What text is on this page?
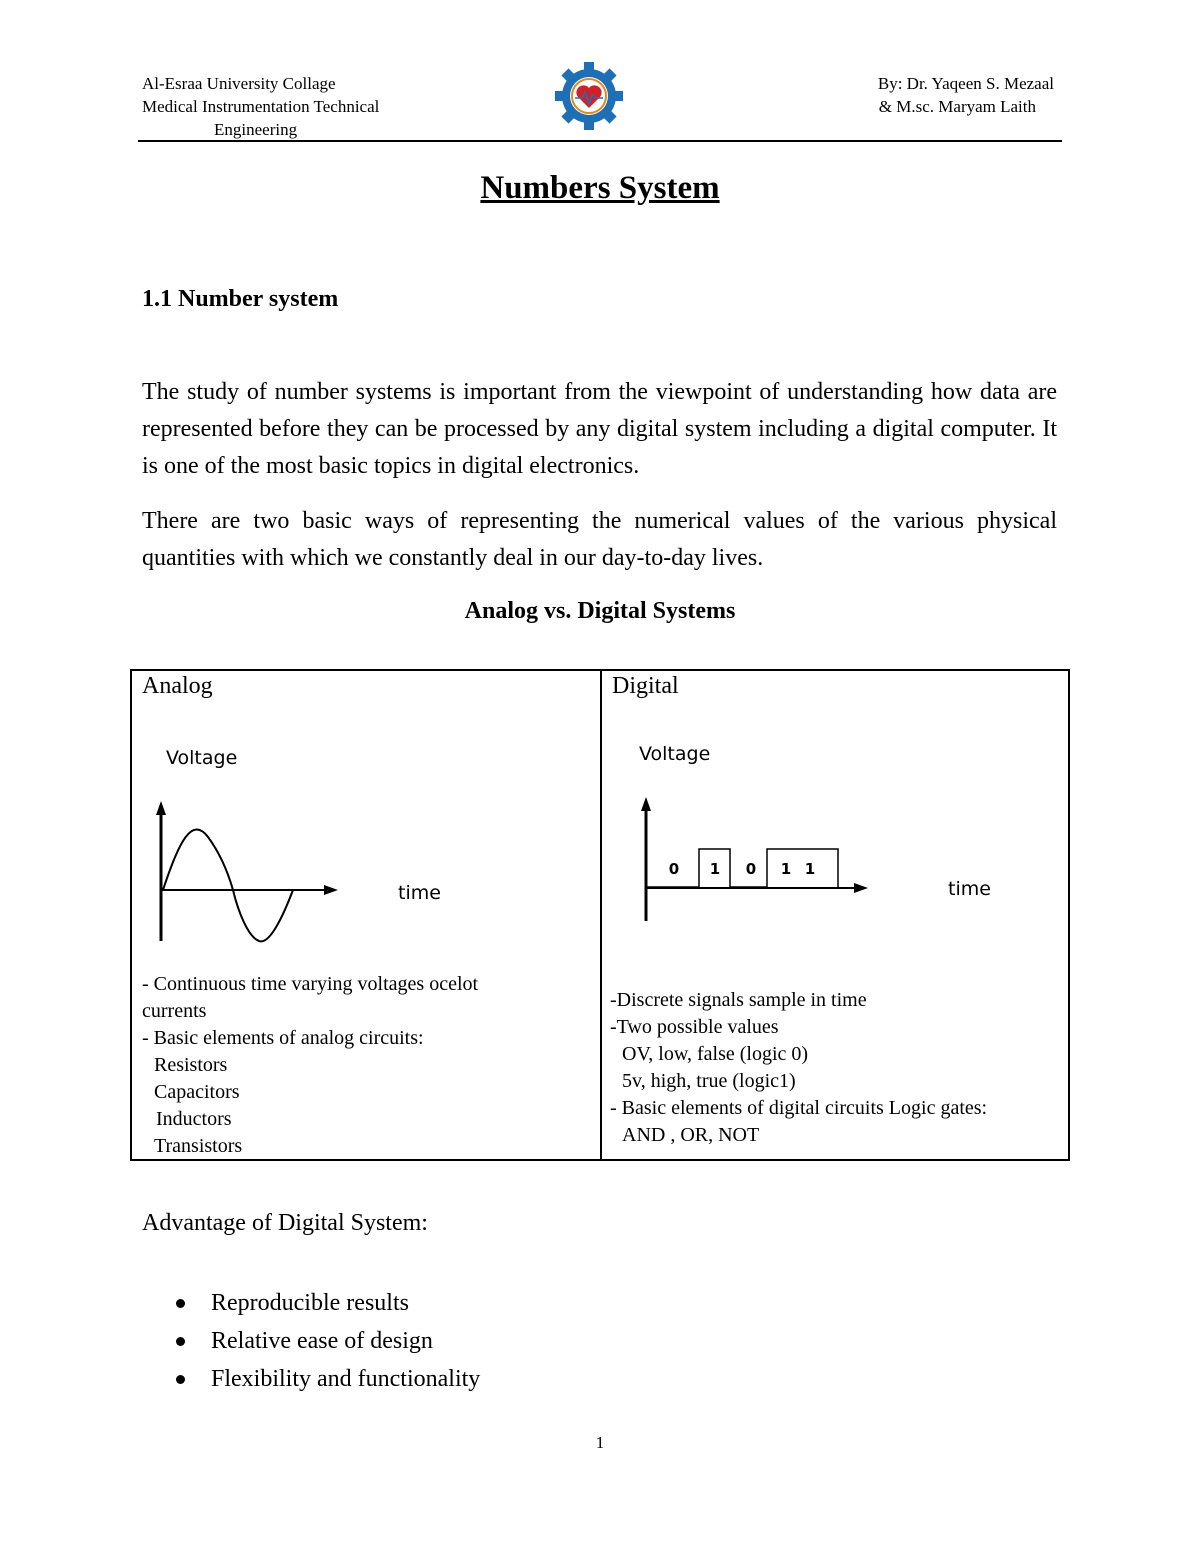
Al-Esraa University Collage
Medical Instrumentation Technical
Engineering
By: Dr. Yaqeen S. Mezaal
& M.sc. Maryam Laith
Numbers System
1.1 Number system

The study of number systems is important from the viewpoint of understanding how data are represented before they can be processed by any digital system including a digital computer. It is one of the most basic topics in digital electronics.

There are two basic ways of representing the numerical values of the various physical quantities with which we constantly deal in our day-to-day lives.

Analog vs. Digital Systems
Analog
Voltage
time
- Continuous time varying voltages ocelot
currents
- Basic elements of analog circuits:
Resistors
Capacitors
Inductors
Transistors
Digital
Voltage
0 1 0 1 1
time
-Discrete signals sample in time
-Two possible values
OV, low, false (logic 0)
5v, high, true (logic1)
- Basic elements of digital circuits Logic gates:
AND , OR, NOT
Advantage of Digital System:
Reproducible results
Relative ease of design
Flexibility and functionality
1
